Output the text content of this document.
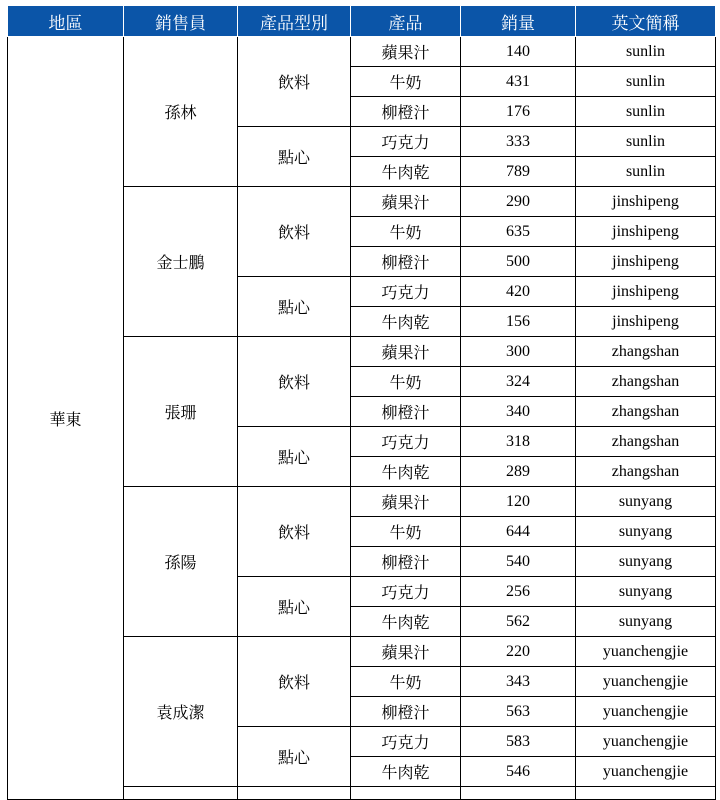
地區	銷售員	產品型別	產品	銷量	英文簡稱
華東	孫林	飲料	蘋果汁	140	sunlin
			牛奶	431	sunlin
			柳橙汁	176	sunlin
		點心	巧克力	333	sunlin
			牛肉乾	789	sunlin
	金士鵬	飲料	蘋果汁	290	jinshipeng
			牛奶	635	jinshipeng
			柳橙汁	500	jinshipeng
		點心	巧克力	420	jinshipeng
			牛肉乾	156	jinshipeng
	張珊	飲料	蘋果汁	300	zhangshan
			牛奶	324	zhangshan
			柳橙汁	340	zhangshan
		點心	巧克力	318	zhangshan
			牛肉乾	289	zhangshan
	孫陽	飲料	蘋果汁	120	sunyang
			牛奶	644	sunyang
			柳橙汁	540	sunyang
		點心	巧克力	256	sunyang
			牛肉乾	562	sunyang
	袁成潔	飲料	蘋果汁	220	yuanchengjie
			牛奶	343	yuanchengjie
			柳橙汁	563	yuanchengjie
		點心	巧克力	583	yuanchengjie
			牛肉乾	546	yuanchengjie
